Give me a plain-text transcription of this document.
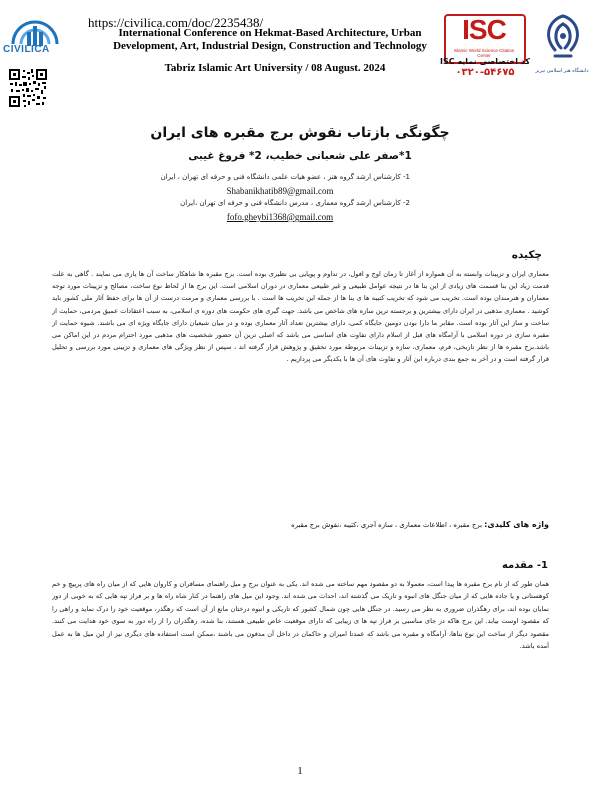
CIVILICA
https://civilica.com/doc/2235438/
International Conference on Hekmat-Based Architecture, Urban Development, Art, Industrial Design, Construction and Technology
Tabriz Islamic Art University / 08 August. 2024
ISC
Islamic World Science Citation Center
کد اختصاصی نمایه ISC
۰۳۲۰-۵۴۶۷۵	دانشگاه هنر اسلامی تبریز
چگونگی بازتاب نقوش برج مقبره های ایران
1*صفر علی شعبانی خطیب، 2* فروغ غیبی
1- کارشناس ارشد گروه هنر ، عضو هیات علمی دانشگاه فنی و حرفه ای تهران ، ایران
Shabanikhatib89@gmail.com
2- کارشناس ارشد گروه معماری ، مدرس دانشگاه فنی و حرفه ای تهران ،ایران
fofo.gheybi1368@gmail.com
چکیده
معماری ایران و تزیینات وابسته به آن همواره از آغاز تا زمان اوج و افول، در تداوم و پویایی بی نظیری بوده است. برج مقبره ها شاهکار ساخت آن ها یاری می نمایند . گاهی به علت قدمت زیاد این بنا قسمت های زیادی از این بنا ها در نتیجه عوامل طبیعی و غیر طبیعی معماری در دوران اسلامی است. این برج ها از لحاظ نوع ساخت، مصالح و تزیینات مورد توجه معماران و هنرمندان بوده است. تخریب می شود که تخریب کتیبه ها ی بنا ها از جمله این تخریب ها است . با بررسی معماری و مرمت درست از آن ها برای حفظ آثار ملی کشور باید کوشید . معماری مذهبی در ایران دارای بیشترین و برجسته ترین سازه های شاخص می باشد. جهت گیری های حکومت های دوره ی اسلامی، به سبب اعتقادات عمیق مردمی، حمایت از ساخت و ساز این آثار بوده است. مقابر ما دارا بودن دومین جایگاه کمی، دارای بیشترین تعداد آثار معماری بوده و در میان شیعیان دارای جایگاه ویژه ای می باشند. شیوه حمایت از مقبره سازی در دوره اسلامی با آرامگاه های قبل از اسلام دارای تفاوت های اساسی می باشد که اصلی ترین آن حضور شخصیت های مذهبی مورد احترام مردم در این اماکن می باشد.برج مقبره ها از نظر تاریخی، فرم، معماری، سازه و تزیینات مربوطه مورد تحقیق و پژوهش قرار گرفته اند ، سپس از نظر ویژگی های معماری و تزیینی مورد بررسی و تحلیل قرار گرفته است و در آخر به جمع بندی درباره این آثار و تفاوت های آن ها با یکدیگر می پردازیم .
واژه های کلیدی: برج مقبره ، اطلاعات معماری ، سازه آجری ،کتیبه ،نقوش برج مقبره
1- مقدمه
همان طور که از نام برج مقبره ها پیدا است، معمولا به دو مقصود مهم ساخته می شده اند. یکی به عنوان برج و میل راهنمای مسافران و کاروان هایی که از میان راه های پرپیچ و خم کوهستانی و یا جاده هایی که از میان جنگل های انبوه و تاریک می گذشته اند، احداث می شده اند. وجود این میل های راهنما در کنار شاه راه ها و بر فراز تپه هایی که به خوبی از دور نمایان بوده اند، برای رهگذران ضروری به نظر می رسید. در جنگل هایی چون شمال کشور که تاریکی و انبوه درختان مانع از آن است که رهگذر، موقعیت خود را درک نماید و راهی را که مقصود اوست بیابد. این برج هاکه در جای مناسبی بر فراز تپه ها ی زیبایی که دارای موقعیت خاص طبیعی هستند، بنا شده، رهگذران را از راه دور به سوی خود هدایت می کنند. مقصود دیگر از ساخت این نوع بناها، آرامگاه و مقبره می باشد که عمدتا امیران و حاکمان در داخل آن مدفون می باشند ،ممکن است استفاده های دیگری نیز از این میل ها به عمل آمده باشد.
1
